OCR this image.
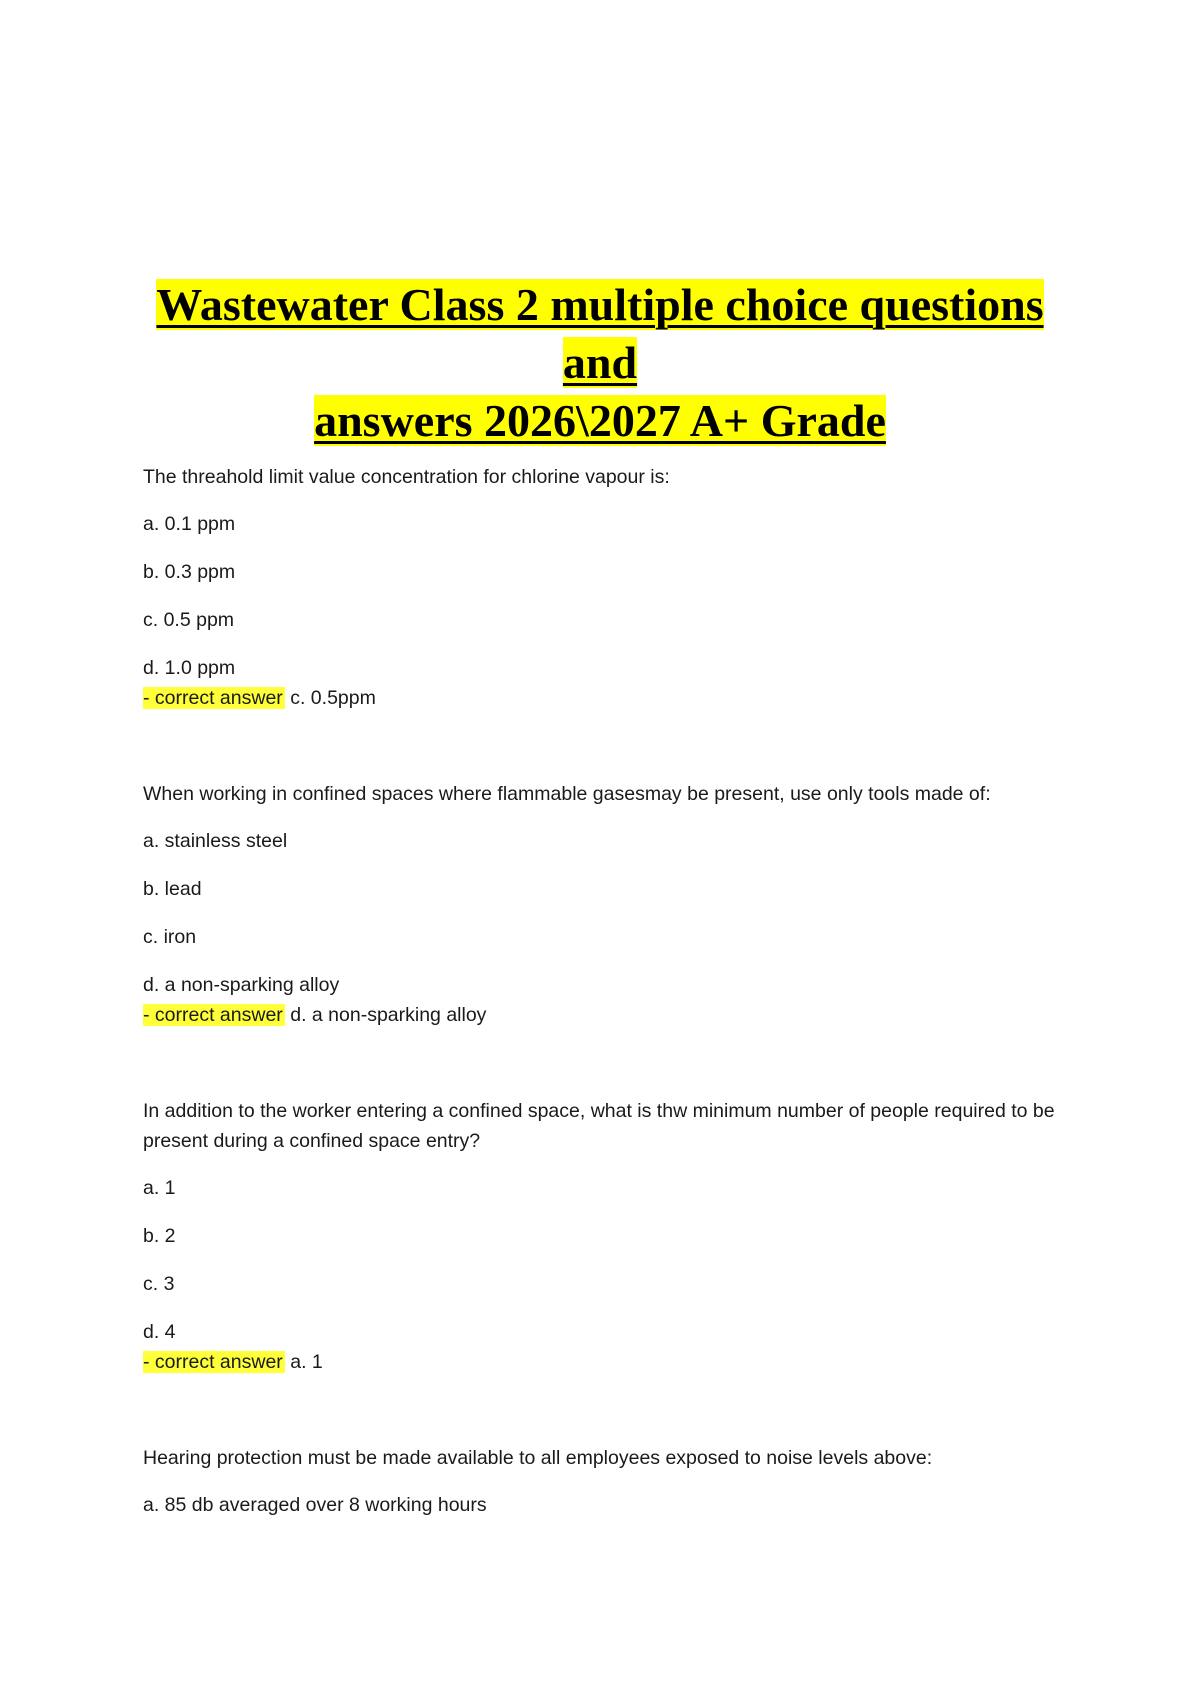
Wastewater Class 2 multiple choice questions and
answers 2026\2027 A+ Grade

The threahold limit value concentration for chlorine vapour is:

a. 0.1 ppm

b. 0.3 ppm

c. 0.5 ppm

d. 1.0 ppm

- correct answer c. 0.5ppm

When working in confined spaces where flammable gasesmay be present, use only tools made of:

a. stainless steel

b. lead

c. iron

d. a non-sparking alloy

- correct answer d. a non-sparking alloy

In addition to the worker entering a confined space, what is thw minimum number of people required to be present during a confined space entry?

a. 1

b. 2

c. 3

d. 4

- correct answer a. 1

Hearing protection must be made available to all employees exposed to noise levels above:

a. 85 db averaged over 8 working hours
